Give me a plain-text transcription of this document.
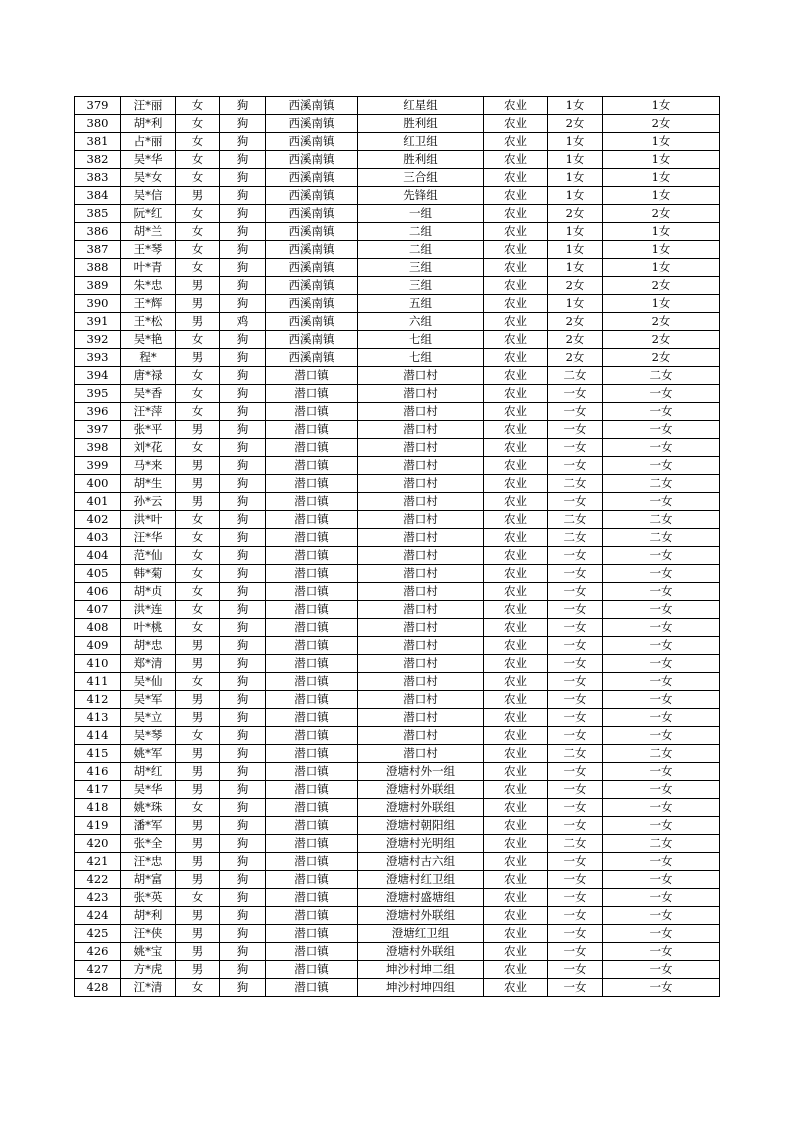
379	汪*丽	女	狗	西溪南镇	红星组	农业	1女	1女
380	胡*利	女	狗	西溪南镇	胜利组	农业	2女	2女
381	占*丽	女	狗	西溪南镇	红卫组	农业	1女	1女
382	吴*华	女	狗	西溪南镇	胜利组	农业	1女	1女
383	吴*女	女	狗	西溪南镇	三合组	农业	1女	1女
384	吴*信	男	狗	西溪南镇	先锋组	农业	1女	1女
385	阮*红	女	狗	西溪南镇	一组	农业	2女	2女
386	胡*兰	女	狗	西溪南镇	二组	农业	1女	1女
387	王*琴	女	狗	西溪南镇	二组	农业	1女	1女
388	叶*青	女	狗	西溪南镇	三组	农业	1女	1女
389	朱*忠	男	狗	西溪南镇	三组	农业	2女	2女
390	王*辉	男	狗	西溪南镇	五组	农业	1女	1女
391	王*松	男	鸡	西溪南镇	六组	农业	2女	2女
392	吴*艳	女	狗	西溪南镇	七组	农业	2女	2女
393	程*	男	狗	西溪南镇	七组	农业	2女	2女
394	唐*禄	女	狗	潜口镇	潜口村	农业	二女	二女
395	吴*香	女	狗	潜口镇	潜口村	农业	一女	一女
396	汪*萍	女	狗	潜口镇	潜口村	农业	一女	一女
397	张*平	男	狗	潜口镇	潜口村	农业	一女	一女
398	刘*花	女	狗	潜口镇	潜口村	农业	一女	一女
399	马*来	男	狗	潜口镇	潜口村	农业	一女	一女
400	胡*生	男	狗	潜口镇	潜口村	农业	二女	二女
401	孙*云	男	狗	潜口镇	潜口村	农业	一女	一女
402	洪*叶	女	狗	潜口镇	潜口村	农业	二女	二女
403	汪*华	女	狗	潜口镇	潜口村	农业	二女	二女
404	范*仙	女	狗	潜口镇	潜口村	农业	一女	一女
405	韩*菊	女	狗	潜口镇	潜口村	农业	一女	一女
406	胡*贞	女	狗	潜口镇	潜口村	农业	一女	一女
407	洪*连	女	狗	潜口镇	潜口村	农业	一女	一女
408	叶*桃	女	狗	潜口镇	潜口村	农业	一女	一女
409	胡*忠	男	狗	潜口镇	潜口村	农业	一女	一女
410	郑*清	男	狗	潜口镇	潜口村	农业	一女	一女
411	吴*仙	女	狗	潜口镇	潜口村	农业	一女	一女
412	吴*军	男	狗	潜口镇	潜口村	农业	一女	一女
413	吴*立	男	狗	潜口镇	潜口村	农业	一女	一女
414	吴*琴	女	狗	潜口镇	潜口村	农业	一女	一女
415	姚*军	男	狗	潜口镇	潜口村	农业	二女	二女
416	胡*红	男	狗	潜口镇	澄塘村外一组	农业	一女	一女
417	吴*华	男	狗	潜口镇	澄塘村外联组	农业	一女	一女
418	姚*珠	女	狗	潜口镇	澄塘村外联组	农业	一女	一女
419	潘*军	男	狗	潜口镇	澄塘村朝阳组	农业	一女	一女
420	张*全	男	狗	潜口镇	澄塘村光明组	农业	二女	二女
421	汪*忠	男	狗	潜口镇	澄塘村古六组	农业	一女	一女
422	胡*富	男	狗	潜口镇	澄塘村红卫组	农业	一女	一女
423	张*英	女	狗	潜口镇	澄塘村盛塘组	农业	一女	一女
424	胡*利	男	狗	潜口镇	澄塘村外联组	农业	一女	一女
425	汪*侠	男	狗	潜口镇	澄塘红卫组	农业	一女	一女
426	姚*宝	男	狗	潜口镇	澄塘村外联组	农业	一女	一女
427	方*虎	男	狗	潜口镇	坤沙村坤二组	农业	一女	一女
428	江*清	女	狗	潜口镇	坤沙村坤四组	农业	一女	一女
